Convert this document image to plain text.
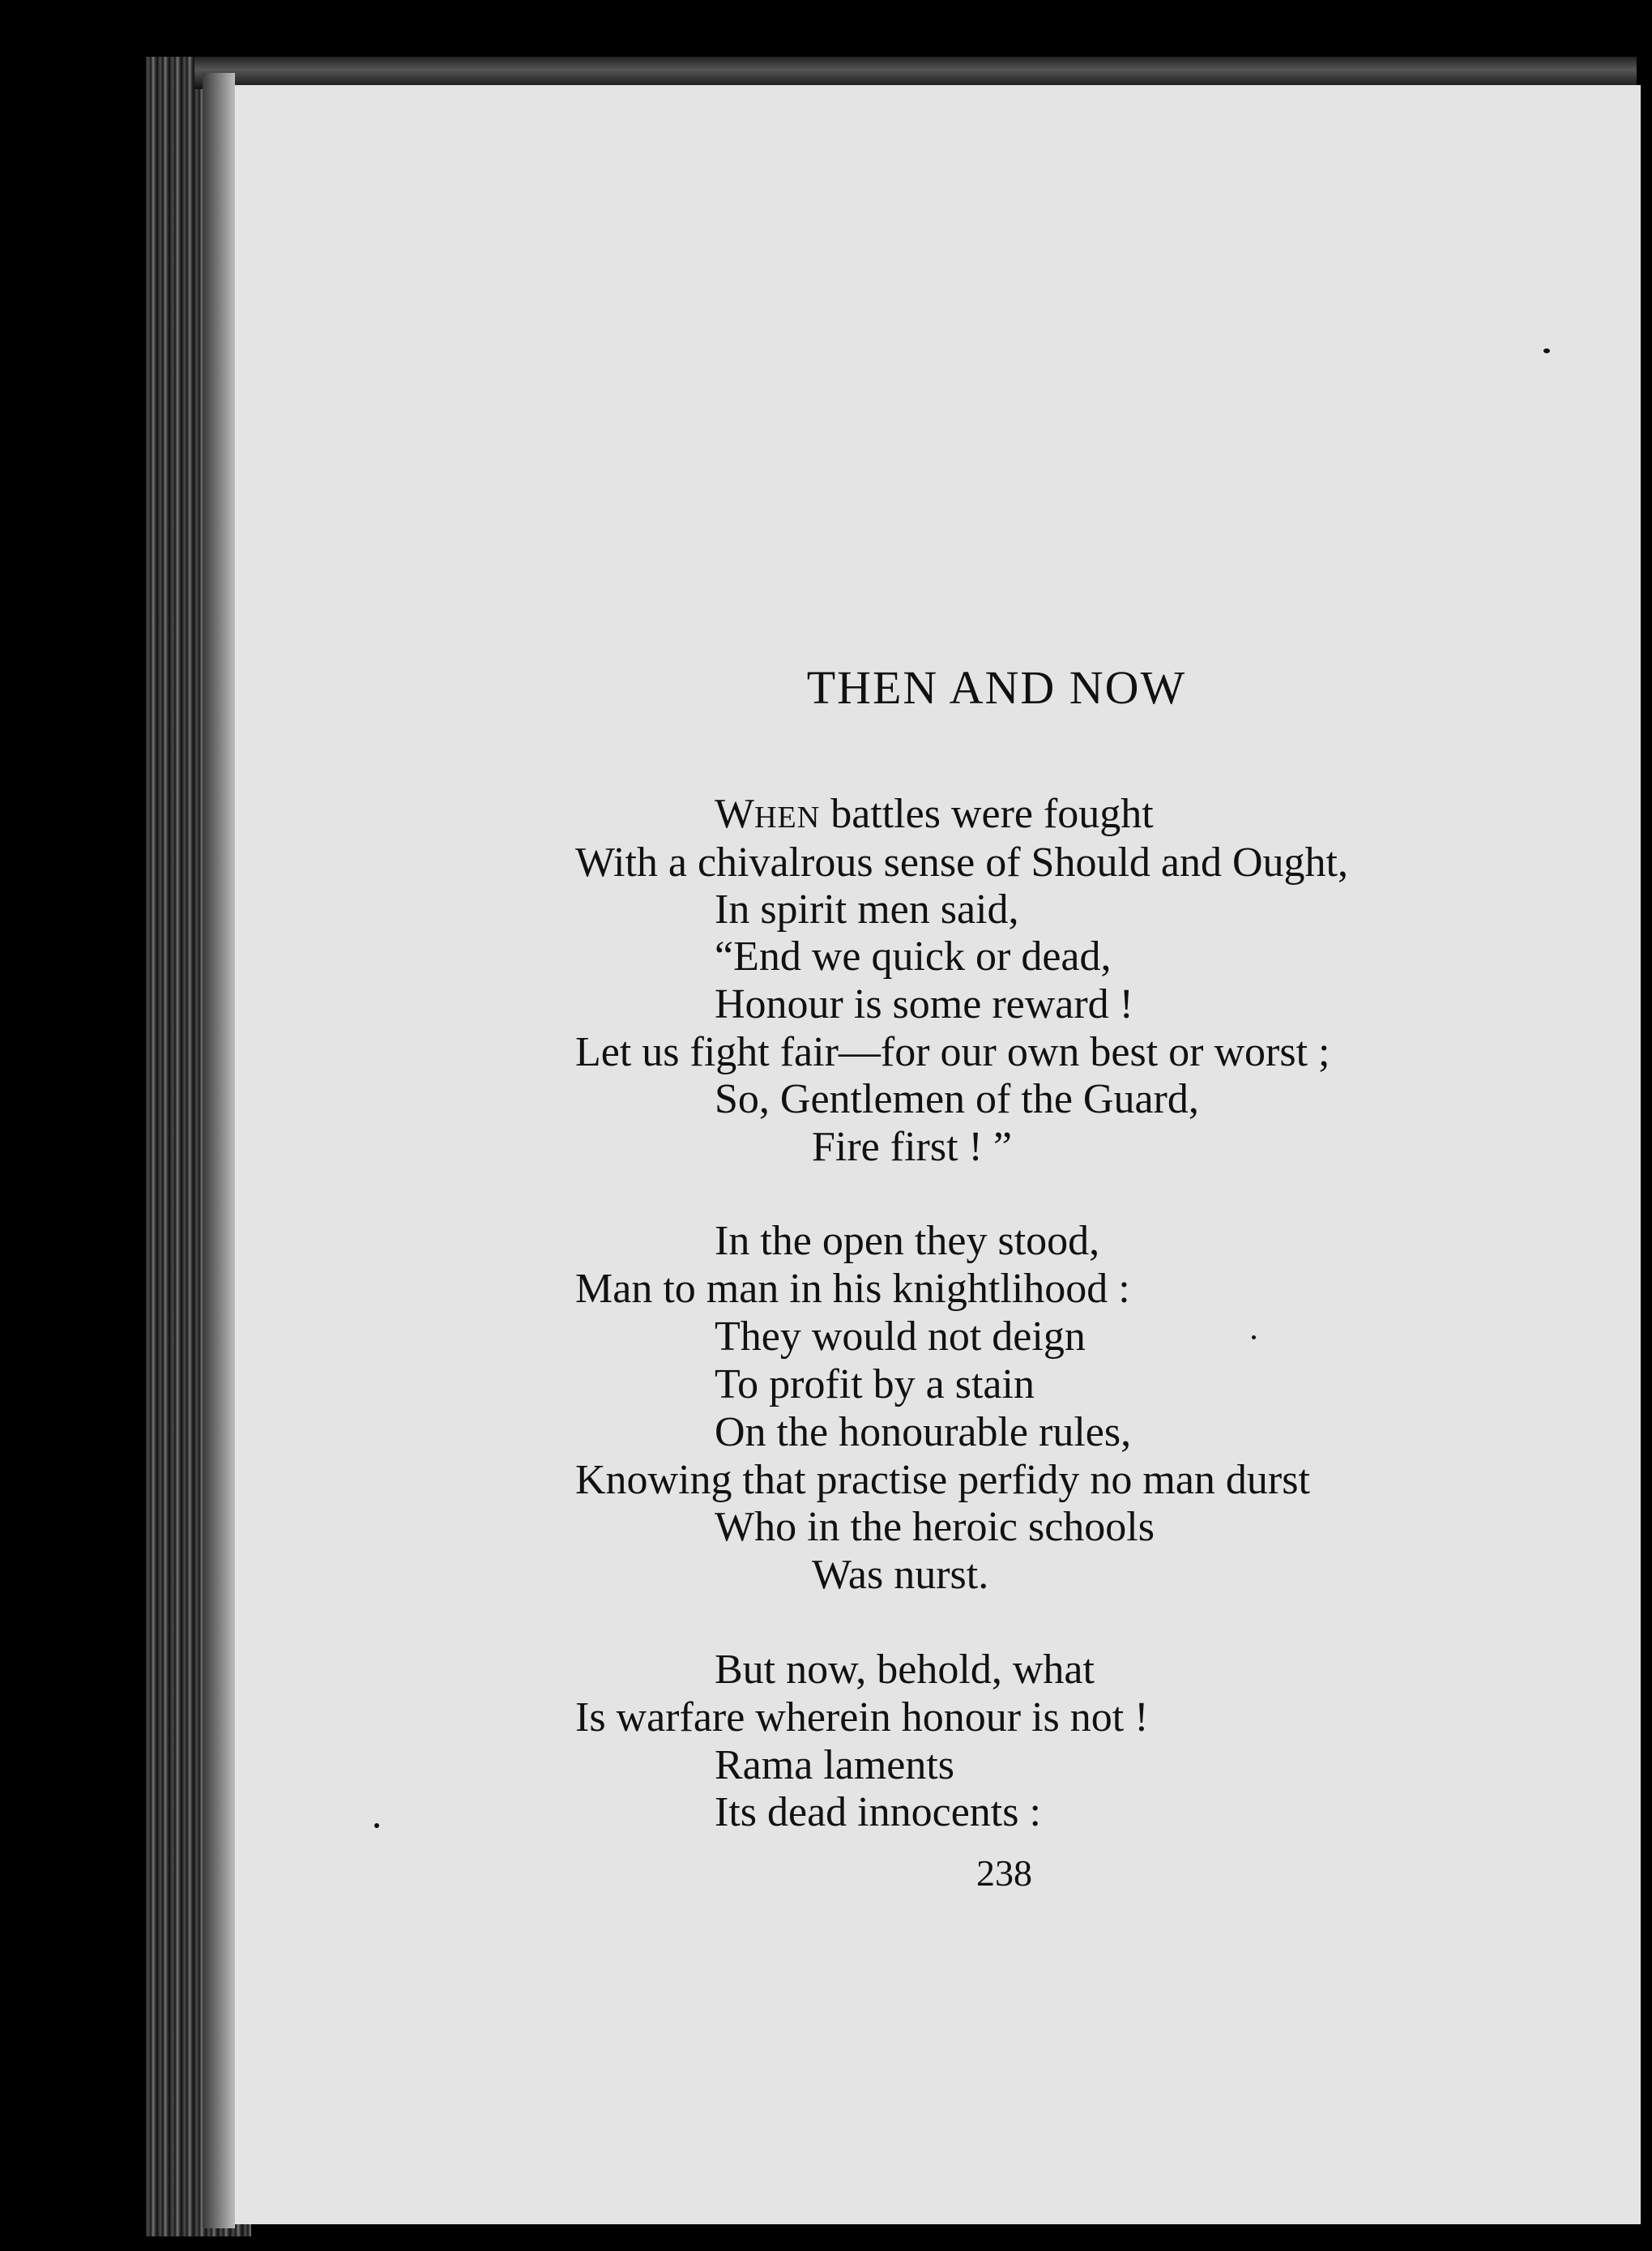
THEN AND NOW
WHEN battles were fought
With a chivalrous sense of Should and Ought,
In spirit men said,
“End we quick or dead,
Honour is some reward !
Let us fight fair—for our own best or worst ;
So, Gentlemen of the Guard,
Fire first ! ”
In the open they stood,
Man to man in his knightlihood :
They would not deign
To profit by a stain
On the honourable rules,
Knowing that practise perfidy no man durst
Who in the heroic schools
Was nurst.
But now, behold, what
Is warfare wherein honour is not !
Rama laments
Its dead innocents :
238
